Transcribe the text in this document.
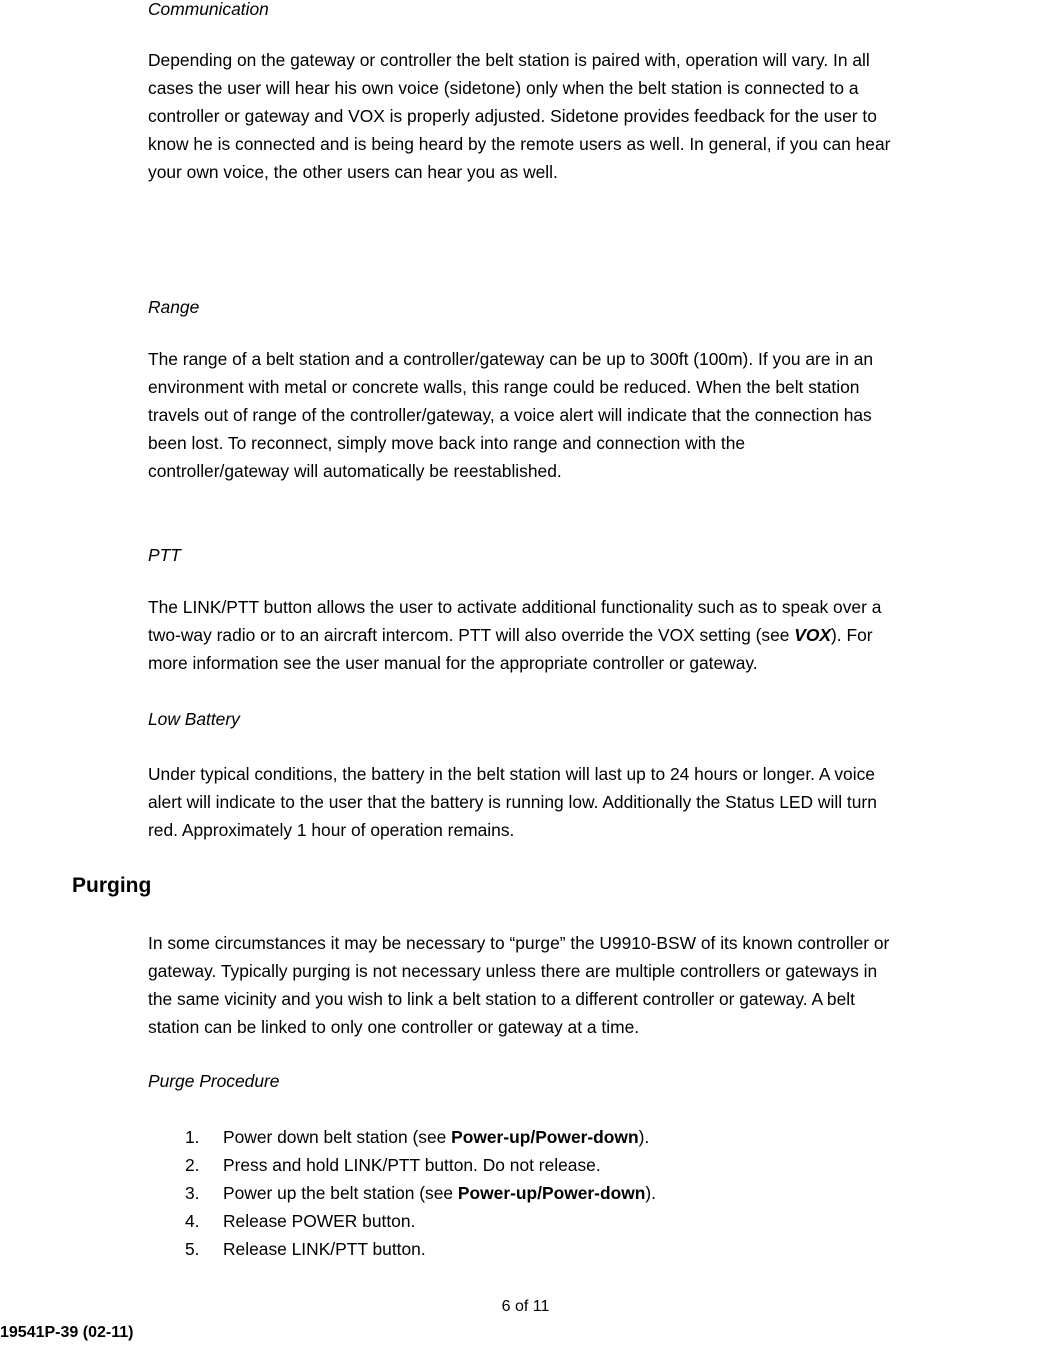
Communication
Depending on the gateway or controller the belt station is paired with, operation will vary. In all
cases the user will hear his own voice (sidetone) only when the belt station is connected to a
controller or gateway and VOX is properly adjusted. Sidetone provides feedback for the user to
know he is connected and is being heard by the remote users as well. In general, if you can hear
your own voice, the other users can hear you as well.
Range
The range of a belt station and a controller/gateway can be up to 300ft (100m). If you are in an
environment with metal or concrete walls, this range could be reduced. When the belt station
travels out of range of the controller/gateway, a voice alert will indicate that the connection has
been lost. To reconnect, simply move back into range and connection with the
controller/gateway will automatically be reestablished.
PTT
The LINK/PTT button allows the user to activate additional functionality such as to speak over a
two-way radio or to an aircraft intercom. PTT will also override the VOX setting (see VOX). For
more information see the user manual for the appropriate controller or gateway.
Low Battery
Under typical conditions, the battery in the belt station will last up to 24 hours or longer. A voice
alert will indicate to the user that the battery is running low. Additionally the Status LED will turn
red. Approximately 1 hour of operation remains.
Purging
In some circumstances it may be necessary to “purge” the U9910-BSW of its known controller or
gateway. Typically purging is not necessary unless there are multiple controllers or gateways in
the same vicinity and you wish to link a belt station to a different controller or gateway. A belt
station can be linked to only one controller or gateway at a time.
Purge Procedure
1. Power down belt station (see Power-up/Power-down).
2. Press and hold LINK/PTT button. Do not release.
3. Power up the belt station (see Power-up/Power-down).
4. Release POWER button.
5. Release LINK/PTT button.
6 of 11
19541P-39 (02-11)
